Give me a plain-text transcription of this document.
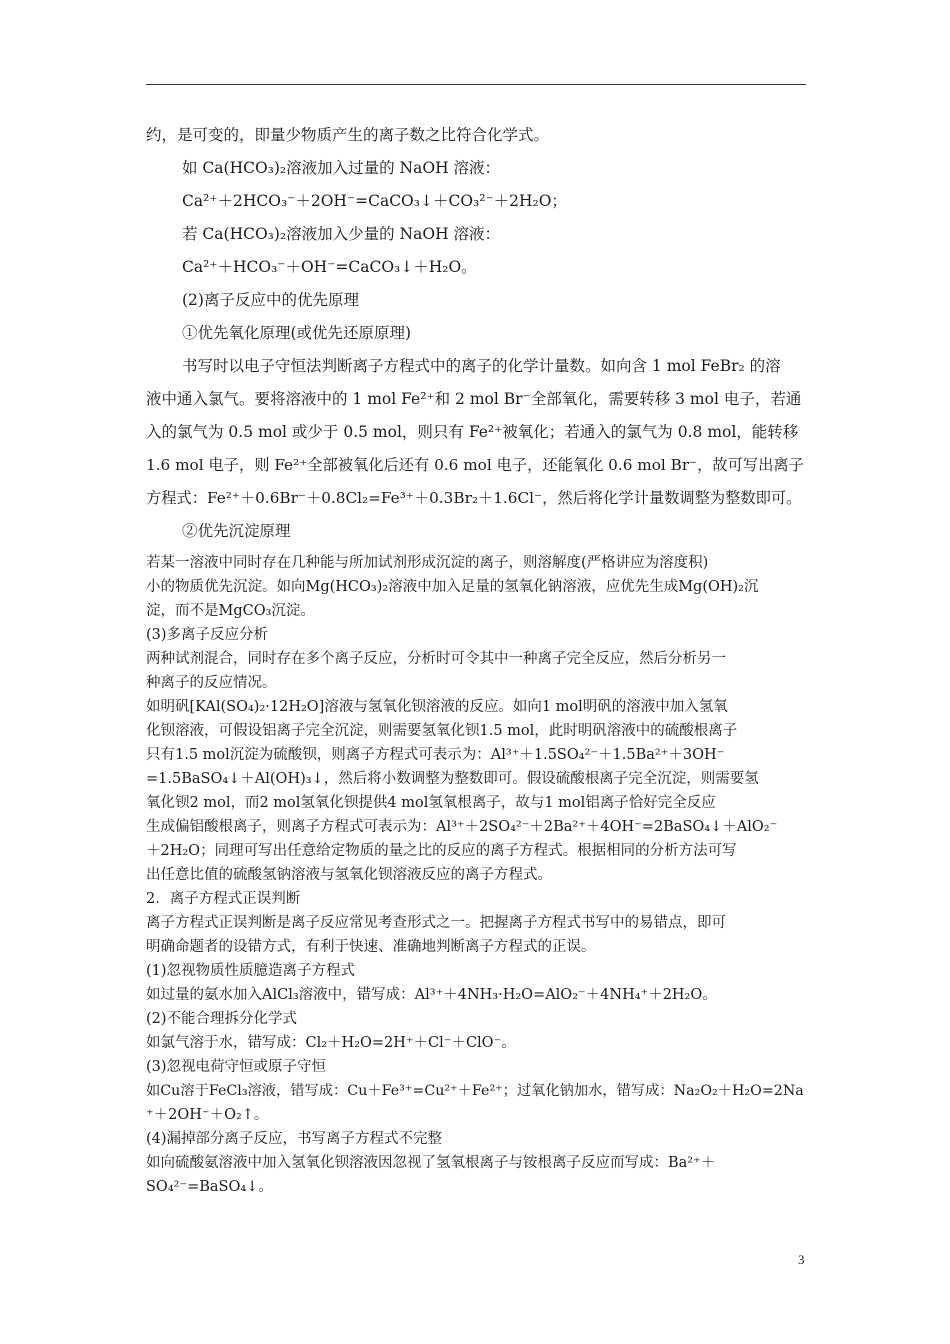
约，是可变的，即量少物质产生的离子数之比符合化学式。
如 Ca(HCO₃)₂溶液加入过量的 NaOH 溶液：
Ca²⁺＋2HCO₃⁻＋2OH⁻=CaCO₃↓＋CO₃²⁻＋2H₂O；
若 Ca(HCO₃)₂溶液加入少量的 NaOH 溶液：
Ca²⁺＋HCO₃⁻＋OH⁻=CaCO₃↓＋H₂O。
(2)离子反应中的优先原理
①优先氧化原理(或优先还原原理)
书写时以电子守恒法判断离子方程式中的离子的化学计量数。如向含 1 mol FeBr₂ 的溶
液中通入氯气。要将溶液中的 1 mol Fe²⁺和 2 mol Br⁻全部氧化，需要转移 3 mol 电子，若通
入的氯气为 0.5 mol 或少于 0.5 mol，则只有 Fe²⁺被氧化；若通入的氯气为 0.8 mol，能转移
1.6 mol 电子，则 Fe²⁺全部被氧化后还有 0.6 mol 电子，还能氧化 0.6 mol Br⁻，故可写出离子
方程式：Fe²⁺＋0.6Br⁻＋0.8Cl₂=Fe³⁺＋0.3Br₂＋1.6Cl⁻，然后将化学计量数调整为整数即可。
②优先沉淀原理
若某一溶液中同时存在几种能与所加试剂形成沉淀的离子，则溶解度(严格讲应为溶度积)
小的物质优先沉淀。如向Mg(HCO₃)₂溶液中加入足量的氢氧化钠溶液，应优先生成Mg(OH)₂沉
淀，而不是MgCO₃沉淀。
(3)多离子反应分析
两种试剂混合，同时存在多个离子反应，分析时可令其中一种离子完全反应，然后分析另一
种离子的反应情况。
如明矾[KAl(SO₄)₂·12H₂O]溶液与氢氧化钡溶液的反应。如向1 mol明矾的溶液中加入氢氧
化钡溶液，可假设铝离子完全沉淀，则需要氢氧化钡1.5 mol，此时明矾溶液中的硫酸根离子
只有1.5 mol沉淀为硫酸钡，则离子方程式可表示为：Al³⁺＋1.5SO₄²⁻＋1.5Ba²⁺＋3OH⁻
=1.5BaSO₄↓＋Al(OH)₃↓，然后将小数调整为整数即可。假设硫酸根离子完全沉淀，则需要氢
氧化钡2 mol，而2 mol氢氧化钡提供4 mol氢氧根离子，故与1 mol铝离子恰好完全反应
生成偏铝酸根离子，则离子方程式可表示为：Al³⁺＋2SO₄²⁻＋2Ba²⁺＋4OH⁻=2BaSO₄↓＋AlO₂⁻
＋2H₂O；同理可写出任意给定物质的量之比的反应的离子方程式。根据相同的分析方法可写
出任意比值的硫酸氢钠溶液与氢氧化钡溶液反应的离子方程式。
2．离子方程式正误判断
离子方程式正误判断是离子反应常见考查形式之一。把握离子方程式书写中的易错点，即可
明确命题者的设错方式，有利于快速、准确地判断离子方程式的正误。
(1)忽视物质性质臆造离子方程式
如过量的氨水加入AlCl₃溶液中，错写成：Al³⁺＋4NH₃·H₂O=AlO₂⁻＋4NH₄⁺＋2H₂O。
(2)不能合理拆分化学式
如氯气溶于水，错写成：Cl₂＋H₂O=2H⁺＋Cl⁻＋ClO⁻。
(3)忽视电荷守恒或原子守恒
如Cu溶于FeCl₃溶液，错写成：Cu＋Fe³⁺=Cu²⁺＋Fe²⁺；过氧化钠加水，错写成：Na₂O₂＋H₂O=2Na
⁺＋2OH⁻＋O₂↑。
(4)漏掉部分离子反应，书写离子方程式不完整
如向硫酸氨溶液中加入氢氧化钡溶液因忽视了氢氧根离子与铵根离子反应而写成：Ba²⁺＋
SO₄²⁻=BaSO₄↓。
3
